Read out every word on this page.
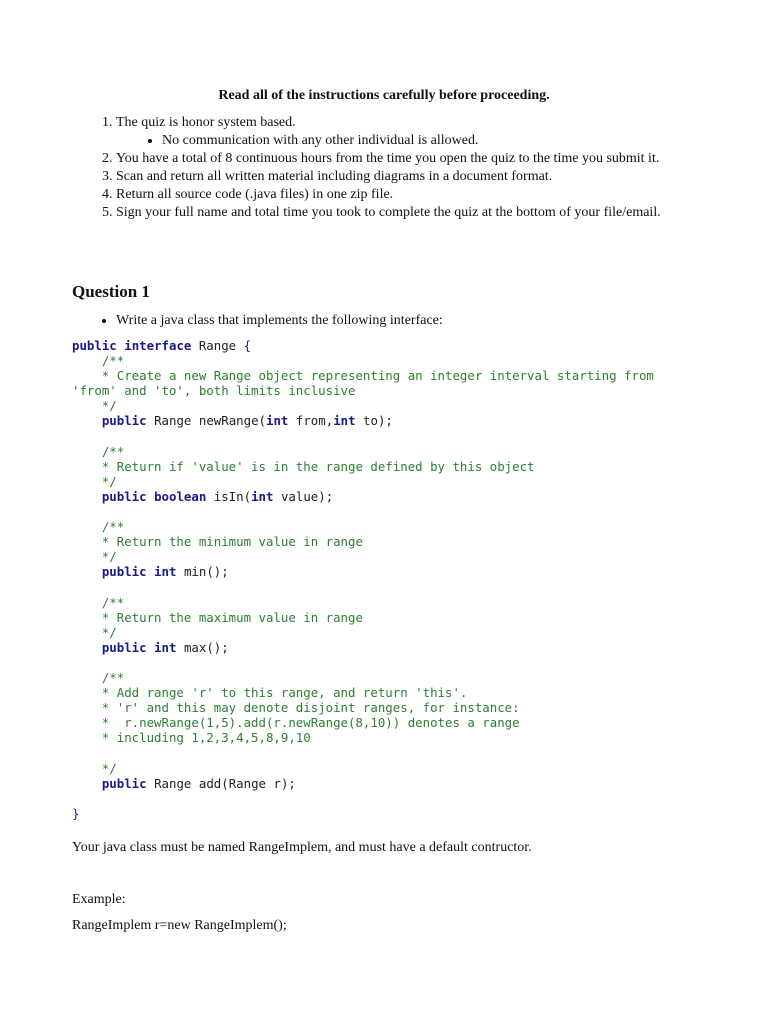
Read all of the instructions carefully before proceeding.
1. The quiz is honor system based.
• No communication with any other individual is allowed.
2. You have a total of 8 continuous hours from the time you open the quiz to the time you submit it.
3. Scan and return all written material including diagrams in a document format.
4. Return all source code (.java files) in one zip file.
5. Sign your full name and total time you took to complete the quiz at the bottom of your file/email.
Question 1
• Write a java class that implements the following interface:
public interface Range {
/**
* Create a new Range object representing an integer interval starting from
'from' and 'to', both limits inclusive
*/
public Range newRange(int from,int to);

/**
* Return if 'value' is in the range defined by this object
*/
public boolean isIn(int value);

/**
* Return the minimum value in range
*/
public int min();

/**
* Return the maximum value in range
*/
public int max();

/**
* Add range 'r' to this range, and return 'this'.
* 'r' and this may denote disjoint ranges, for instance:
*  r.newRange(1,5).add(r.newRange(8,10)) denotes a range
* including 1,2,3,4,5,8,9,10

*/
public Range add(Range r);

}
Your java class must be named RangeImplem, and must have a default contructor.
Example:
RangeImplem r=new RangeImplem();
